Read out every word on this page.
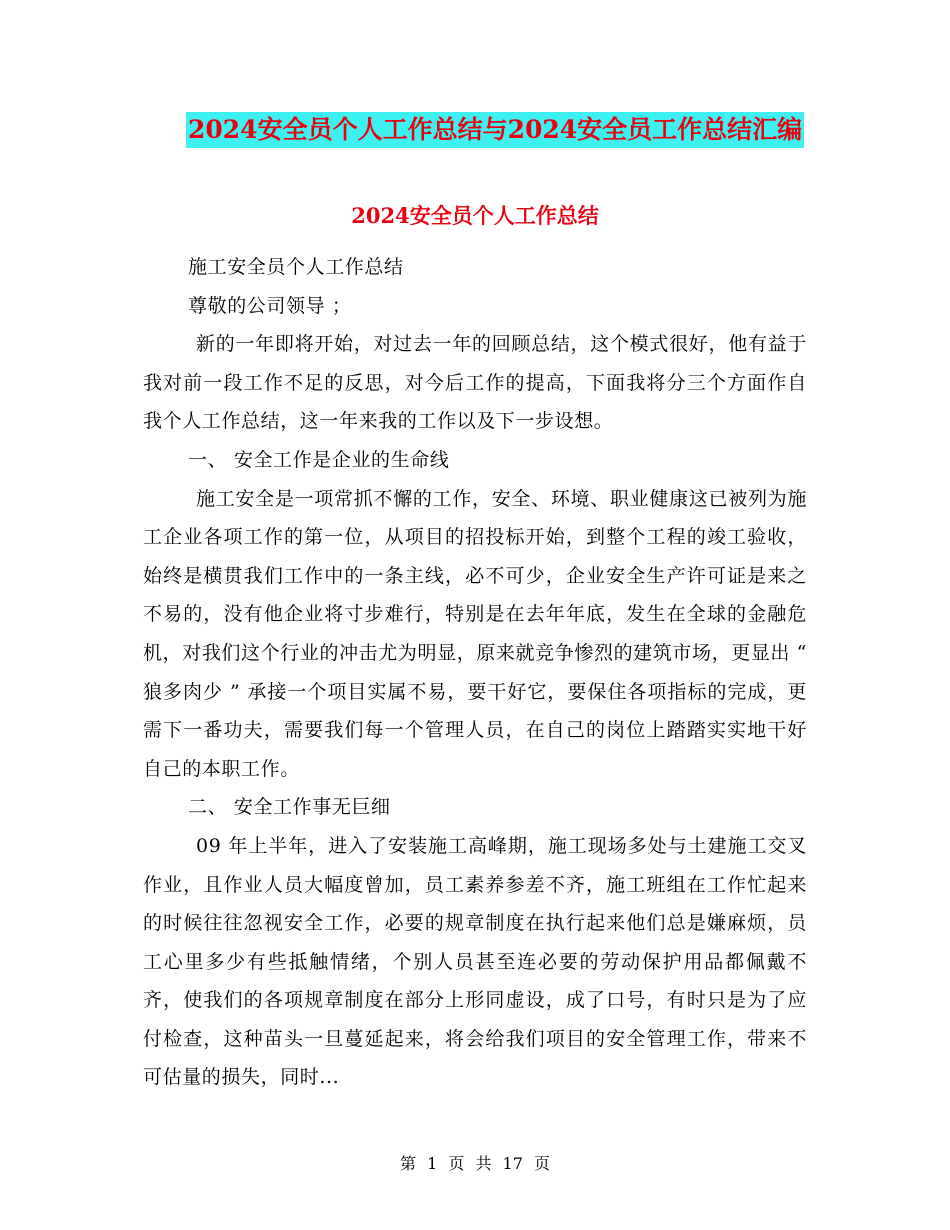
2024安全员个人工作总结与2024安全员工作总结汇编
2024安全员个人工作总结

施工安全员个人工作总结

尊敬的公司领导 ；

新的一年即将开始，对过去一年的回顾总结，这个模式很好，他有益于我对前一段工作不足的反思，对今后工作的提高，下面我将分三个方面作自我个人工作总结，这一年来我的工作以及下一步设想。

一、 安全工作是企业的生命线

施工安全是一项常抓不懈的工作，安全、环境、职业健康这已被列为施工企业各项工作的第一位，从项目的招投标开始，到整个工程的竣工验收，始终是横贯我们工作中的一条主线，必不可少，企业安全生产许可证是来之不易的，没有他企业将寸步难行，特别是在去年年底，发生在全球的金融危机，对我们这个行业的冲击尤为明显，原来就竞争惨烈的建筑市场，更显出 “ 狼多肉少 ” 承接一个项目实属不易，要干好它，要保住各项指标的完成，更需下一番功夫，需要我们每一个管理人员，在自己的岗位上踏踏实实地干好自己的本职工作。

二、 安全工作事无巨细

09 年上半年，进入了安装施工高峰期，施工现场多处与土建施工交叉作业，且作业人员大幅度曾加，员工素养参差不齐，施工班组在工作忙起来的时候往往忽视安全工作，必要的规章制度在执行起来他们总是嫌麻烦，员工心里多少有些抵触情绪，个别人员甚至连必要的劳动保护用品都佩戴不齐，使我们的各项规章制度在部分上形同虚设，成了口号，有时只是为了应付检查，这种苗头一旦蔓延起来，将会给我们项目的安全管理工作，带来不可估量的损失，同时...

第 1 页 共 17 页
